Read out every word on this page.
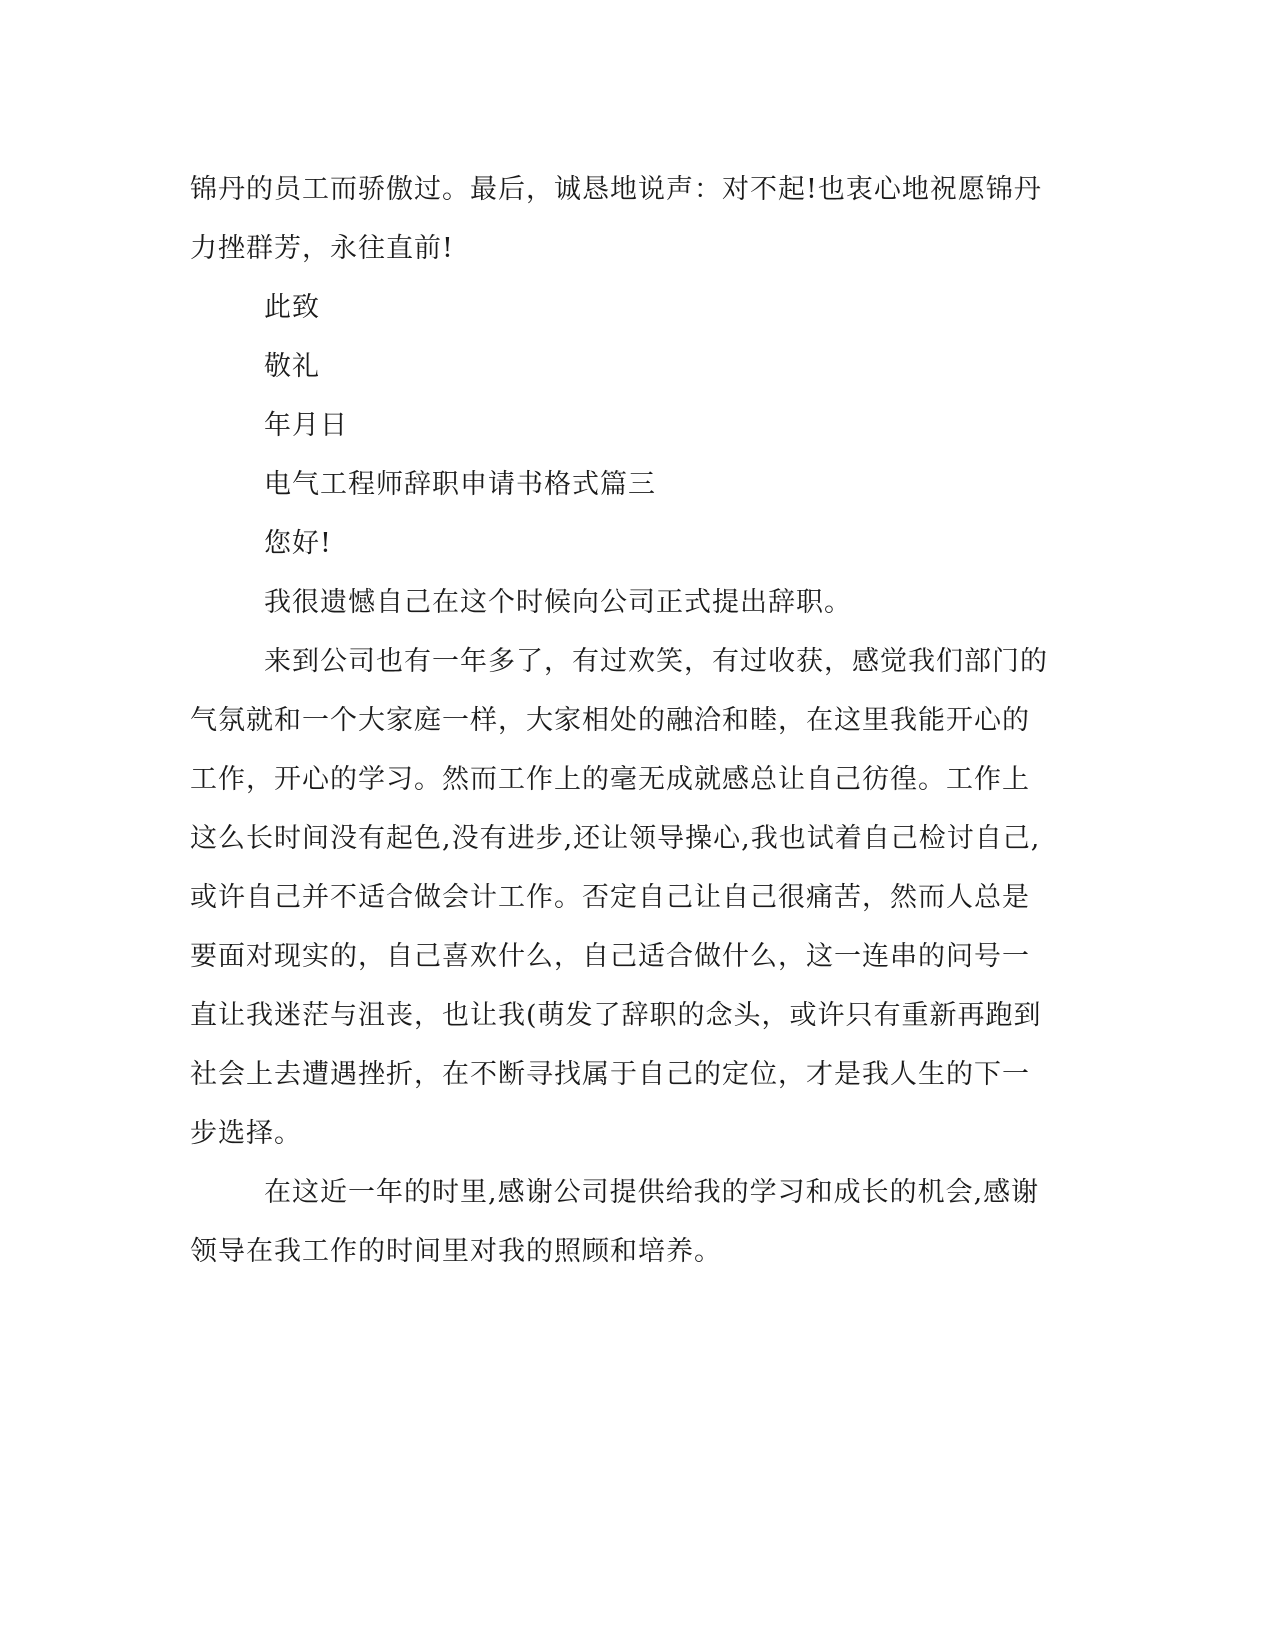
锦丹的员工而骄傲过。最后，诚恳地说声：对不起!也衷心地祝愿锦丹
力挫群芳，永往直前!
此致
敬礼
年月日
电气工程师辞职申请书格式篇三
您好!
我很遗憾自己在这个时候向公司正式提出辞职。
来到公司也有一年多了，有过欢笑，有过收获，感觉我们部门的
气氛就和一个大家庭一样，大家相处的融洽和睦，在这里我能开心的
工作，开心的学习。然而工作上的毫无成就感总让自己彷徨。工作上
这么长时间没有起色,没有进步,还让领导操心,我也试着自己检讨自己,
或许自己并不适合做会计工作。否定自己让自己很痛苦，然而人总是
要面对现实的，自己喜欢什么，自己适合做什么，这一连串的问号一
直让我迷茫与沮丧，也让我(萌发了辞职的念头，或许只有重新再跑到
社会上去遭遇挫折，在不断寻找属于自己的定位，才是我人生的下一
步选择。
在这近一年的时里,感谢公司提供给我的学习和成长的机会,感谢
领导在我工作的时间里对我的照顾和培养。
